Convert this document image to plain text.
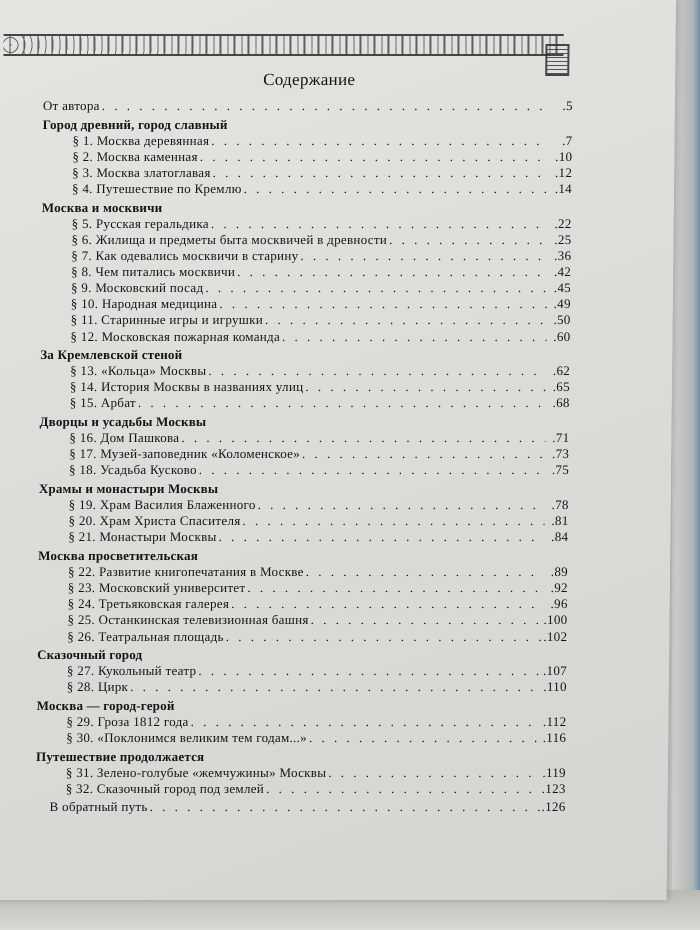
Содержание
От автора . . .	.5
Город древний, город славный
§ 1. Москва деревянная . . .	.7
§ 2. Москва каменная . . .	.10
§ 3. Москва златоглавая . . .	.12
§ 4. Путешествие по Кремлю . . .	.14
Москва и москвичи
§ 5. Русская геральдика . . .	.22
§ 6. Жилища и предметы быта москвичей в древности . . .	.25
§ 7. Как одевались москвичи в старину . . .	.36
§ 8. Чем питались москвичи . . .	.42
§ 9. Московский посад . . .	.45
§ 10. Народная медицина . . .	.49
§ 11. Старинные игры и игрушки . . .	.50
§ 12. Московская пожарная команда . . .	.60
За Кремлевской стеной
§ 13. «Кольца» Москвы . . .	.62
§ 14. История Москвы в названиях улиц . . .	.65
§ 15. Арбат . . .	.68
Дворцы и усадьбы Москвы
§ 16. Дом Пашкова . . .	.71
§ 17. Музей-заповедник «Коломенское» . . .	.73
§ 18. Усадьба Кусково . . .	.75
Храмы и монастыри Москвы
§ 19. Храм Василия Блаженного . . .	.78
§ 20. Храм Христа Спасителя . . .	.81
§ 21. Монастыри Москвы . . .	.84
Москва просветительская
§ 22. Развитие книгопечатания в Москве . . .	.89
§ 23. Московский университет . . .	.92
§ 24. Третьяковская галерея . . .	.96
§ 25. Останкинская телевизионная башня . . .	.100
§ 26. Театральная площадь . . .	.102
Сказочный город
§ 27. Кукольный театр . . .	.107
§ 28. Цирк . . .	.110
Москва — город-герой
§ 29. Гроза 1812 года . . .	.112
§ 30. «Поклонимся великим тем годам...» . . .	.116
Путешествие продолжается
§ 31. Зелено-голубые «жемчужины» Москвы . . .	.119
§ 32. Сказочный город под землей . . .	.123
В обратный путь . . .	.126
